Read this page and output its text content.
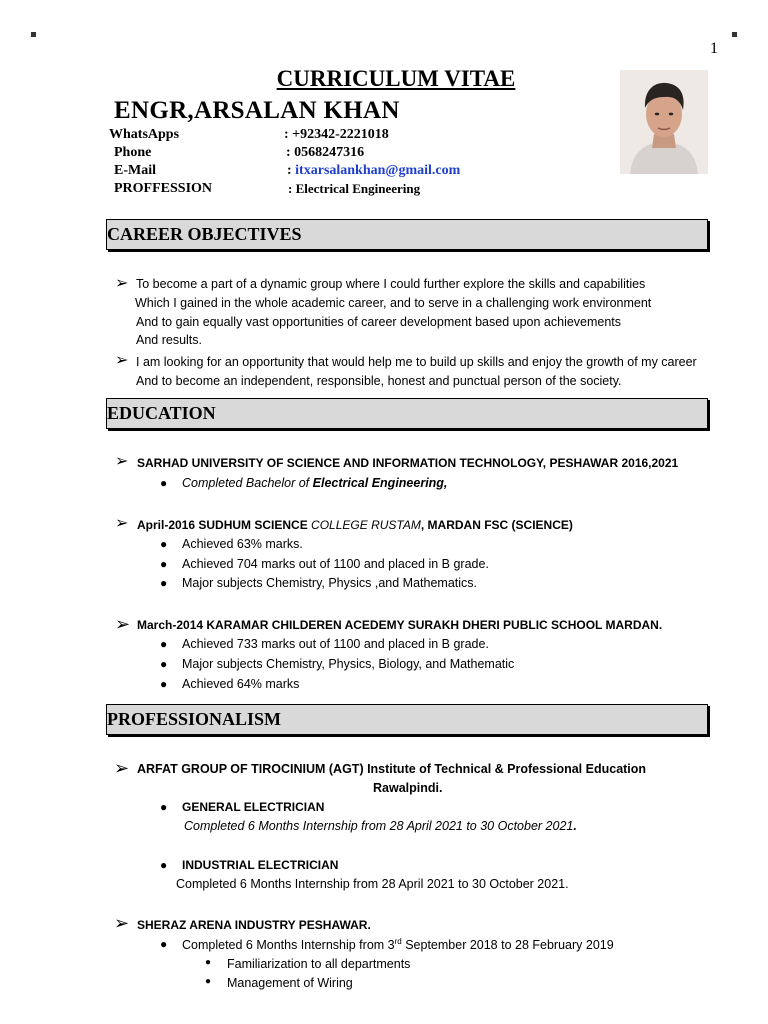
1
CURRICULUM VITAE
ENGR,ARSALAN KHAN
WhatsApps	: +92342-2221018
Phone	: 0568247316
E-Mail	: itxarsalankhan@gmail.com
PROFFESSION	: Electrical Engineering
CAREER OBJECTIVES
➢ To become a part of a dynamic group where I could further explore the skills and capabilities
Which I gained in the whole academic career, and to serve in a challenging work environment
And to gain equally vast opportunities of career development based upon achievements
And results.
➢ I am looking for an opportunity that would help me to build up skills and enjoy the growth of my career
And to become an independent, responsible, honest and punctual person of the society.
EDUCATION
➢ SARHAD UNIVERSITY OF SCIENCE AND INFORMATION TECHNOLOGY, PESHAWAR 2016,2021
● Completed Bachelor of Electrical Engineering,
➢ April-2016 SUDHUM SCIENCE COLLEGE RUSTAM, MARDAN FSC (SCIENCE)
● Achieved 63% marks.
● Achieved 704 marks out of 1100 and placed in B grade.
● Major subjects Chemistry, Physics ,and Mathematics.
➢ March-2014 KARAMAR CHILDEREN ACEDEMY SURAKH DHERI PUBLIC SCHOOL MARDAN.
● Achieved 733 marks out of 1100 and placed in B grade.
● Major subjects Chemistry, Physics, Biology, and Mathematic
● Achieved 64% marks
PROFESSIONALISM
➢ ARFAT GROUP OF TIROCINIUM (AGT) Institute of Technical & Professional Education
Rawalpindi.
● GENERAL ELECTRICIAN
Completed 6 Months Internship from 28 April 2021 to 30 October 2021.
● INDUSTRIAL ELECTRICIAN
Completed 6 Months Internship from 28 April 2021 to 30 October 2021.
➢ SHERAZ ARENA INDUSTRY PESHAWAR.
● Completed 6 Months Internship from 3rd September 2018 to 28 February 2019
● Familiarization to all departments
● Management of Wiring
